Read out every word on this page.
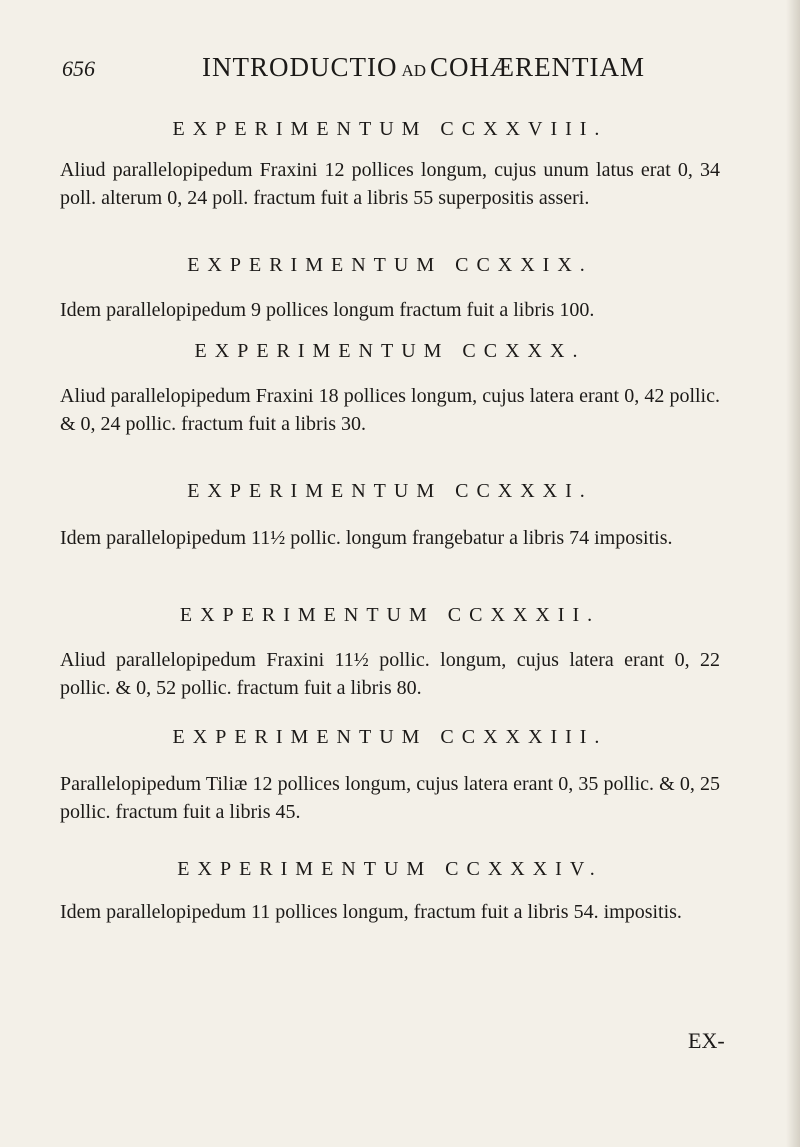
656	INTRODUCTIO AD COHÆRENTIAM
EXPERIMENTUM CCXXVIII.
Aliud parallelopipedum Fraxini 12 pollices longum, cujus unum latus erat 0, 34 poll. alterum 0, 24 poll. fractum fuit a libris 55 superpositis asseri.
EXPERIMENTUM CCXXIX.
Idem parallelopipedum 9 pollices longum fractum fuit a libris 100.
EXPERIMENTUM CCXXX.
Aliud parallelopipedum Fraxini 18 pollices longum, cujus latera erant 0, 42 pollic. & 0, 24 pollic. fractum fuit a libris 30.
EXPERIMENTUM CCXXXI.
Idem parallelopipedum 11½ pollic. longum frangebatur a libris 74 impositis.
EXPERIMENTUM CCXXXII.
Aliud parallelopipedum Fraxini 11½ pollic. longum, cujus latera erant 0, 22 pollic. & 0, 52 pollic. fractum fuit a libris 80.
EXPERIMENTUM CCXXXIII.
Parallelopipedum Tiliæ 12 pollices longum, cujus latera erant 0, 35 pollic. & 0, 25 pollic. fractum fuit a libris 45.
EXPERIMENTUM CCXXXIV.
Idem parallelopipedum 11 pollices longum, fractum fuit a libris 54. impositis.
EX-
